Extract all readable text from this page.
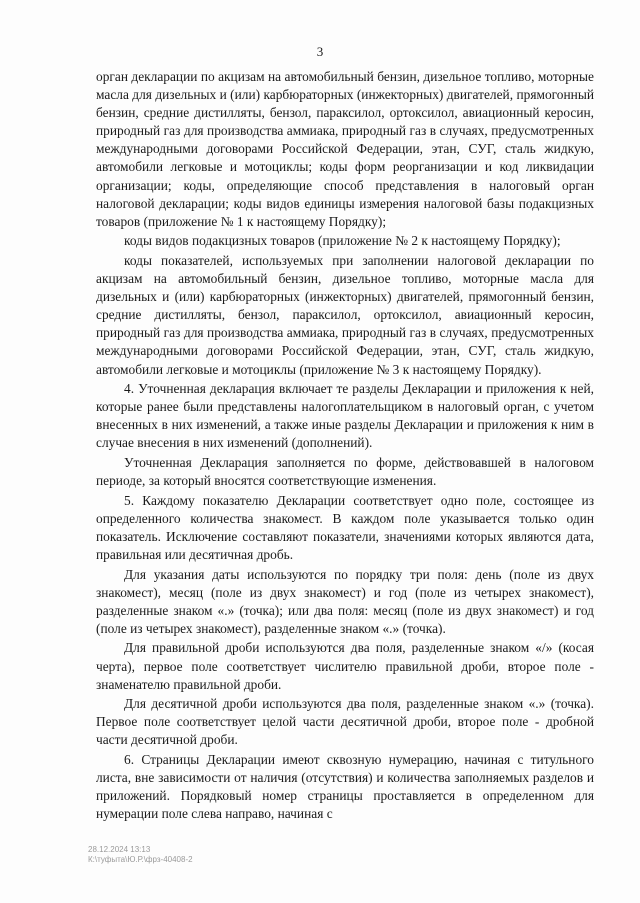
3

орган декларации по акцизам на автомобильный бензин, дизельное топливо, моторные масла для дизельных и (или) карбюраторных (инжекторных) двигателей, прямогонный бензин, средние дистилляты, бензол, параксилол, ортоксилол, авиационный керосин, природный газ для производства аммиака, природный газ в случаях, предусмотренных международными договорами Российской Федерации, этан, СУГ, сталь жидкую, автомобили легковые и мотоциклы; коды форм реорганизации и код ликвидации организации; коды, определяющие способ представления в налоговый орган налоговой декларации; коды видов единицы измерения налоговой базы подакцизных товаров (приложение № 1 к настоящему Порядку);

коды видов подакцизных товаров (приложение № 2 к настоящему Порядку);

коды показателей, используемых при заполнении налоговой декларации по акцизам на автомобильный бензин, дизельное топливо, моторные масла для дизельных и (или) карбюраторных (инжекторных) двигателей, прямогонный бензин, средние дистилляты, бензол, параксилол, ортоксилол, авиационный керосин, природный газ для производства аммиака, природный газ в случаях, предусмотренных международными договорами Российской Федерации, этан, СУГ, сталь жидкую, автомобили легковые и мотоциклы (приложение № 3 к настоящему Порядку).

4. Уточненная декларация включает те разделы Декларации и приложения к ней, которые ранее были представлены налогоплательщиком в налоговый орган, с учетом внесенных в них изменений, а также иные разделы Декларации и приложения к ним в случае внесения в них изменений (дополнений).

Уточненная Декларация заполняется по форме, действовавшей в налоговом периоде, за который вносятся соответствующие изменения.

5. Каждому показателю Декларации соответствует одно поле, состоящее из определенного количества знакомест. В каждом поле указывается только один показатель. Исключение составляют показатели, значениями которых являются дата, правильная или десятичная дробь.

Для указания даты используются по порядку три поля: день (поле из двух знакомест), месяц (поле из двух знакомест) и год (поле из четырех знакомест), разделенные знаком «.» (точка); или два поля: месяц (поле из двух знакомест) и год (поле из четырех знакомест), разделенные знаком «.» (точка).

Для правильной дроби используются два поля, разделенные знаком «/» (косая черта), первое поле соответствует числителю правильной дроби, второе поле - знаменателю правильной дроби.

Для десятичной дроби используются два поля, разделенные знаком «.» (точка). Первое поле соответствует целой части десятичной дроби, второе поле - дробной части десятичной дроби.

6. Страницы Декларации имеют сквозную нумерацию, начиная с титульного листа, вне зависимости от наличия (отсутствия) и количества заполняемых разделов и приложений. Порядковый номер страницы проставляется в определенном для нумерации поле слева направо, начиная с

28.12.2024 13:13
К:\туфыта\Ю.Р.\фрз-40408-2
